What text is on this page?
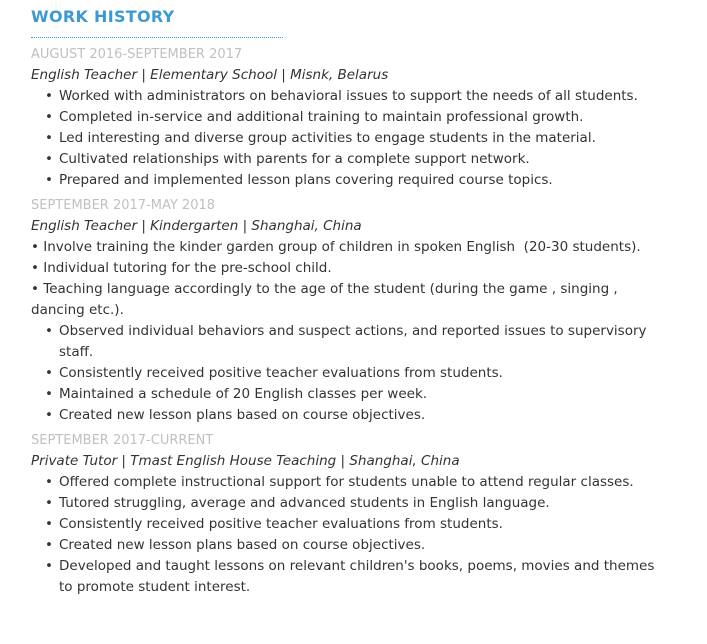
WORK HISTORY
AUGUST 2016-SEPTEMBER 2017
English Teacher | Elementary School | Misnk, Belarus
• Worked with administrators on behavioral issues to support the needs of all students.
• Completed in-service and additional training to maintain professional growth.
• Led interesting and diverse group activities to engage students in the material.
• Cultivated relationships with parents for a complete support network.
• Prepared and implemented lesson plans covering required course topics.
SEPTEMBER 2017-MAY 2018
English Teacher | Kindergarten | Shanghai, China
• Involve training the kinder garden group of children in spoken English  (20-30 students).
• Individual tutoring for the pre-school child.
• Teaching language accordingly to the age of the student (during the game , singing , dancing etc.).
• Observed individual behaviors and suspect actions, and reported issues to supervisory staff.
• Consistently received positive teacher evaluations from students.
• Maintained a schedule of 20 English classes per week.
• Created new lesson plans based on course objectives.
SEPTEMBER 2017-CURRENT
Private Tutor | Tmast English House Teaching | Shanghai, China
• Offered complete instructional support for students unable to attend regular classes.
• Tutored struggling, average and advanced students in English language.
• Consistently received positive teacher evaluations from students.
• Created new lesson plans based on course objectives.
• Developed and taught lessons on relevant children's books, poems, movies and themes to promote student interest.
